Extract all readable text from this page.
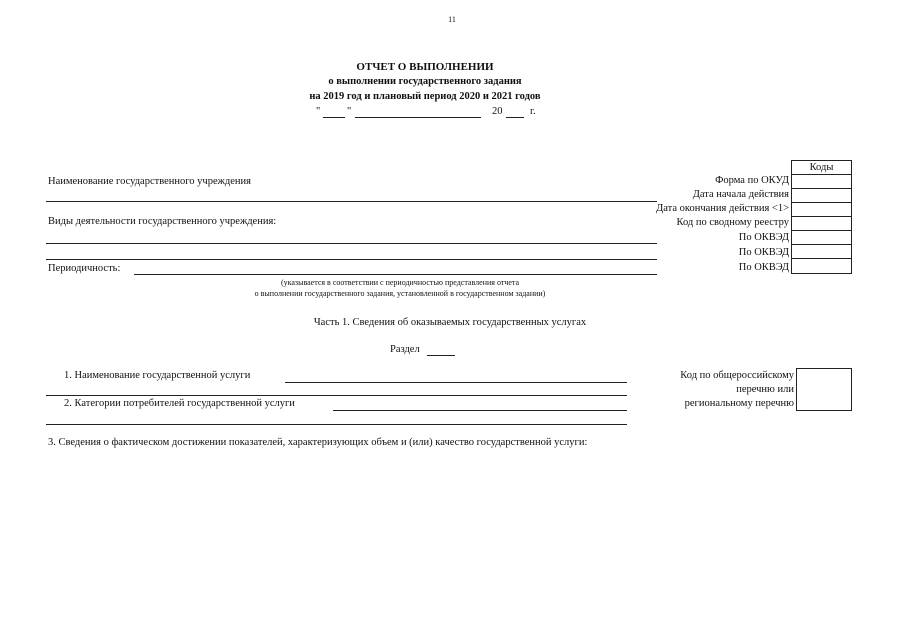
11
ОТЧЕТ О ВЫПОЛНЕНИИ
о выполнении государственного задания
на 2019 год и плановый период 2020 и 2021 годов
"	"	20	г.
Коды
Форма по ОКУД
Дата начала действия
Дата окончания действия <1>
Код по сводному реестру
По ОКВЭД
По ОКВЭД
По ОКВЭД
Наименование государственного учреждения
Виды деятельности государственного учреждения:
Периодичность:
(указывается в соответствии с периодичностью представления отчета
о выполнении государственного задания, установленной в государственном задании)
Часть 1. Сведения об оказываемых государственных услугах
Раздел
1. Наименование государственной услуги
2. Категории потребителей государственной услуги
Код по общероссийскому
перечню или
региональному перечню
3. Сведения о фактическом достижении показателей, характеризующих объем и (или) качество государственной услуги:
